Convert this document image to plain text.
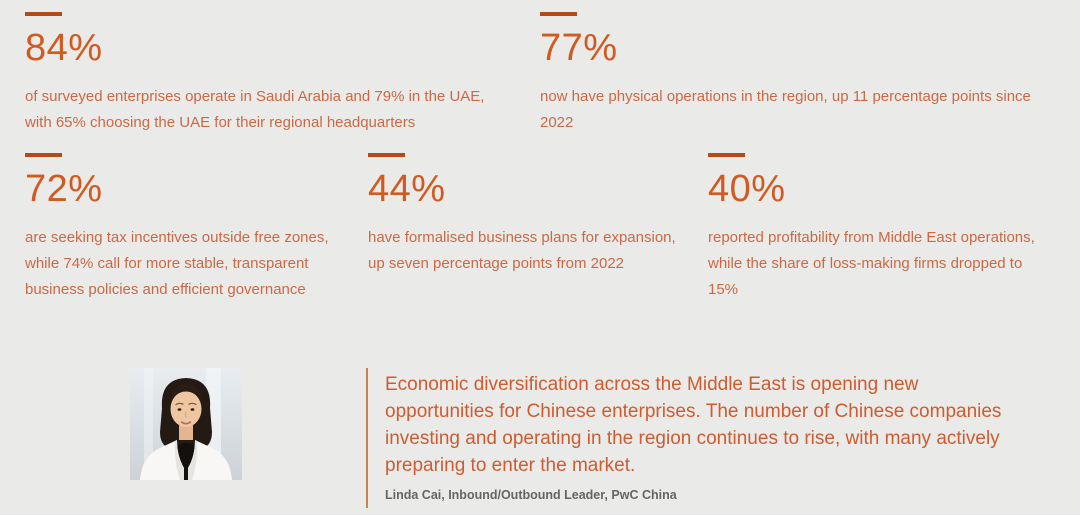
84%
of surveyed enterprises operate in Saudi Arabia and 79% in the UAE, with 65% choosing the UAE for their regional headquarters
77%
now have physical operations in the region, up 11 percentage points since 2022
72%
are seeking tax incentives outside free zones, while 74% call for more stable, transparent business policies and efficient governance
44%
have formalised business plans for expansion, up seven percentage points from 2022
40%
reported profitability from Middle East operations, while the share of loss-making firms dropped to 15%

Economic diversification across the Middle East is opening new opportunities for Chinese enterprises. The number of Chinese companies investing and operating in the region continues to rise, with many actively preparing to enter the market.

Linda Cai, Inbound/Outbound Leader, PwC China
